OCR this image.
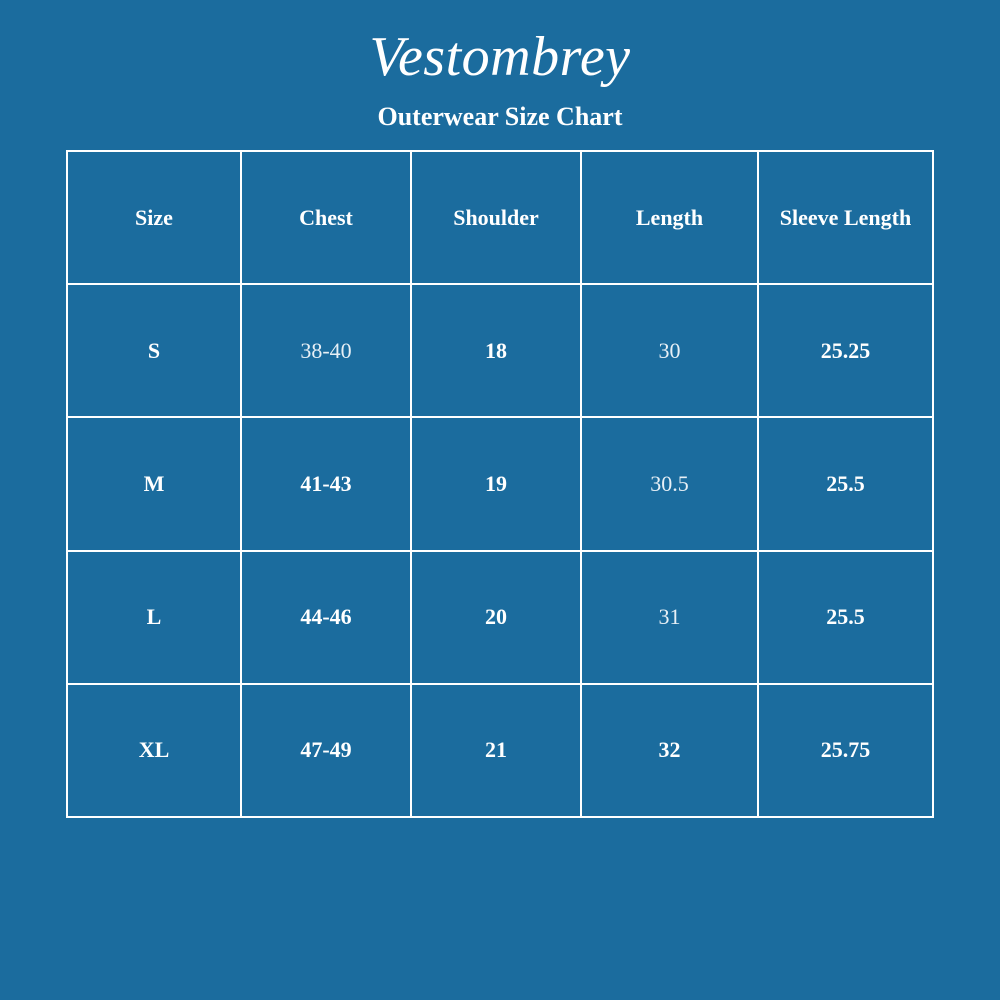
Vestombrey
Outerwear Size Chart
Size	Chest	Shoulder	Length	Sleeve Length
S	38-40	18	30	25.25
M	41-43	19	30.5	25.5
L	44-46	20	31	25.5
XL	47-49	21	32	25.75
